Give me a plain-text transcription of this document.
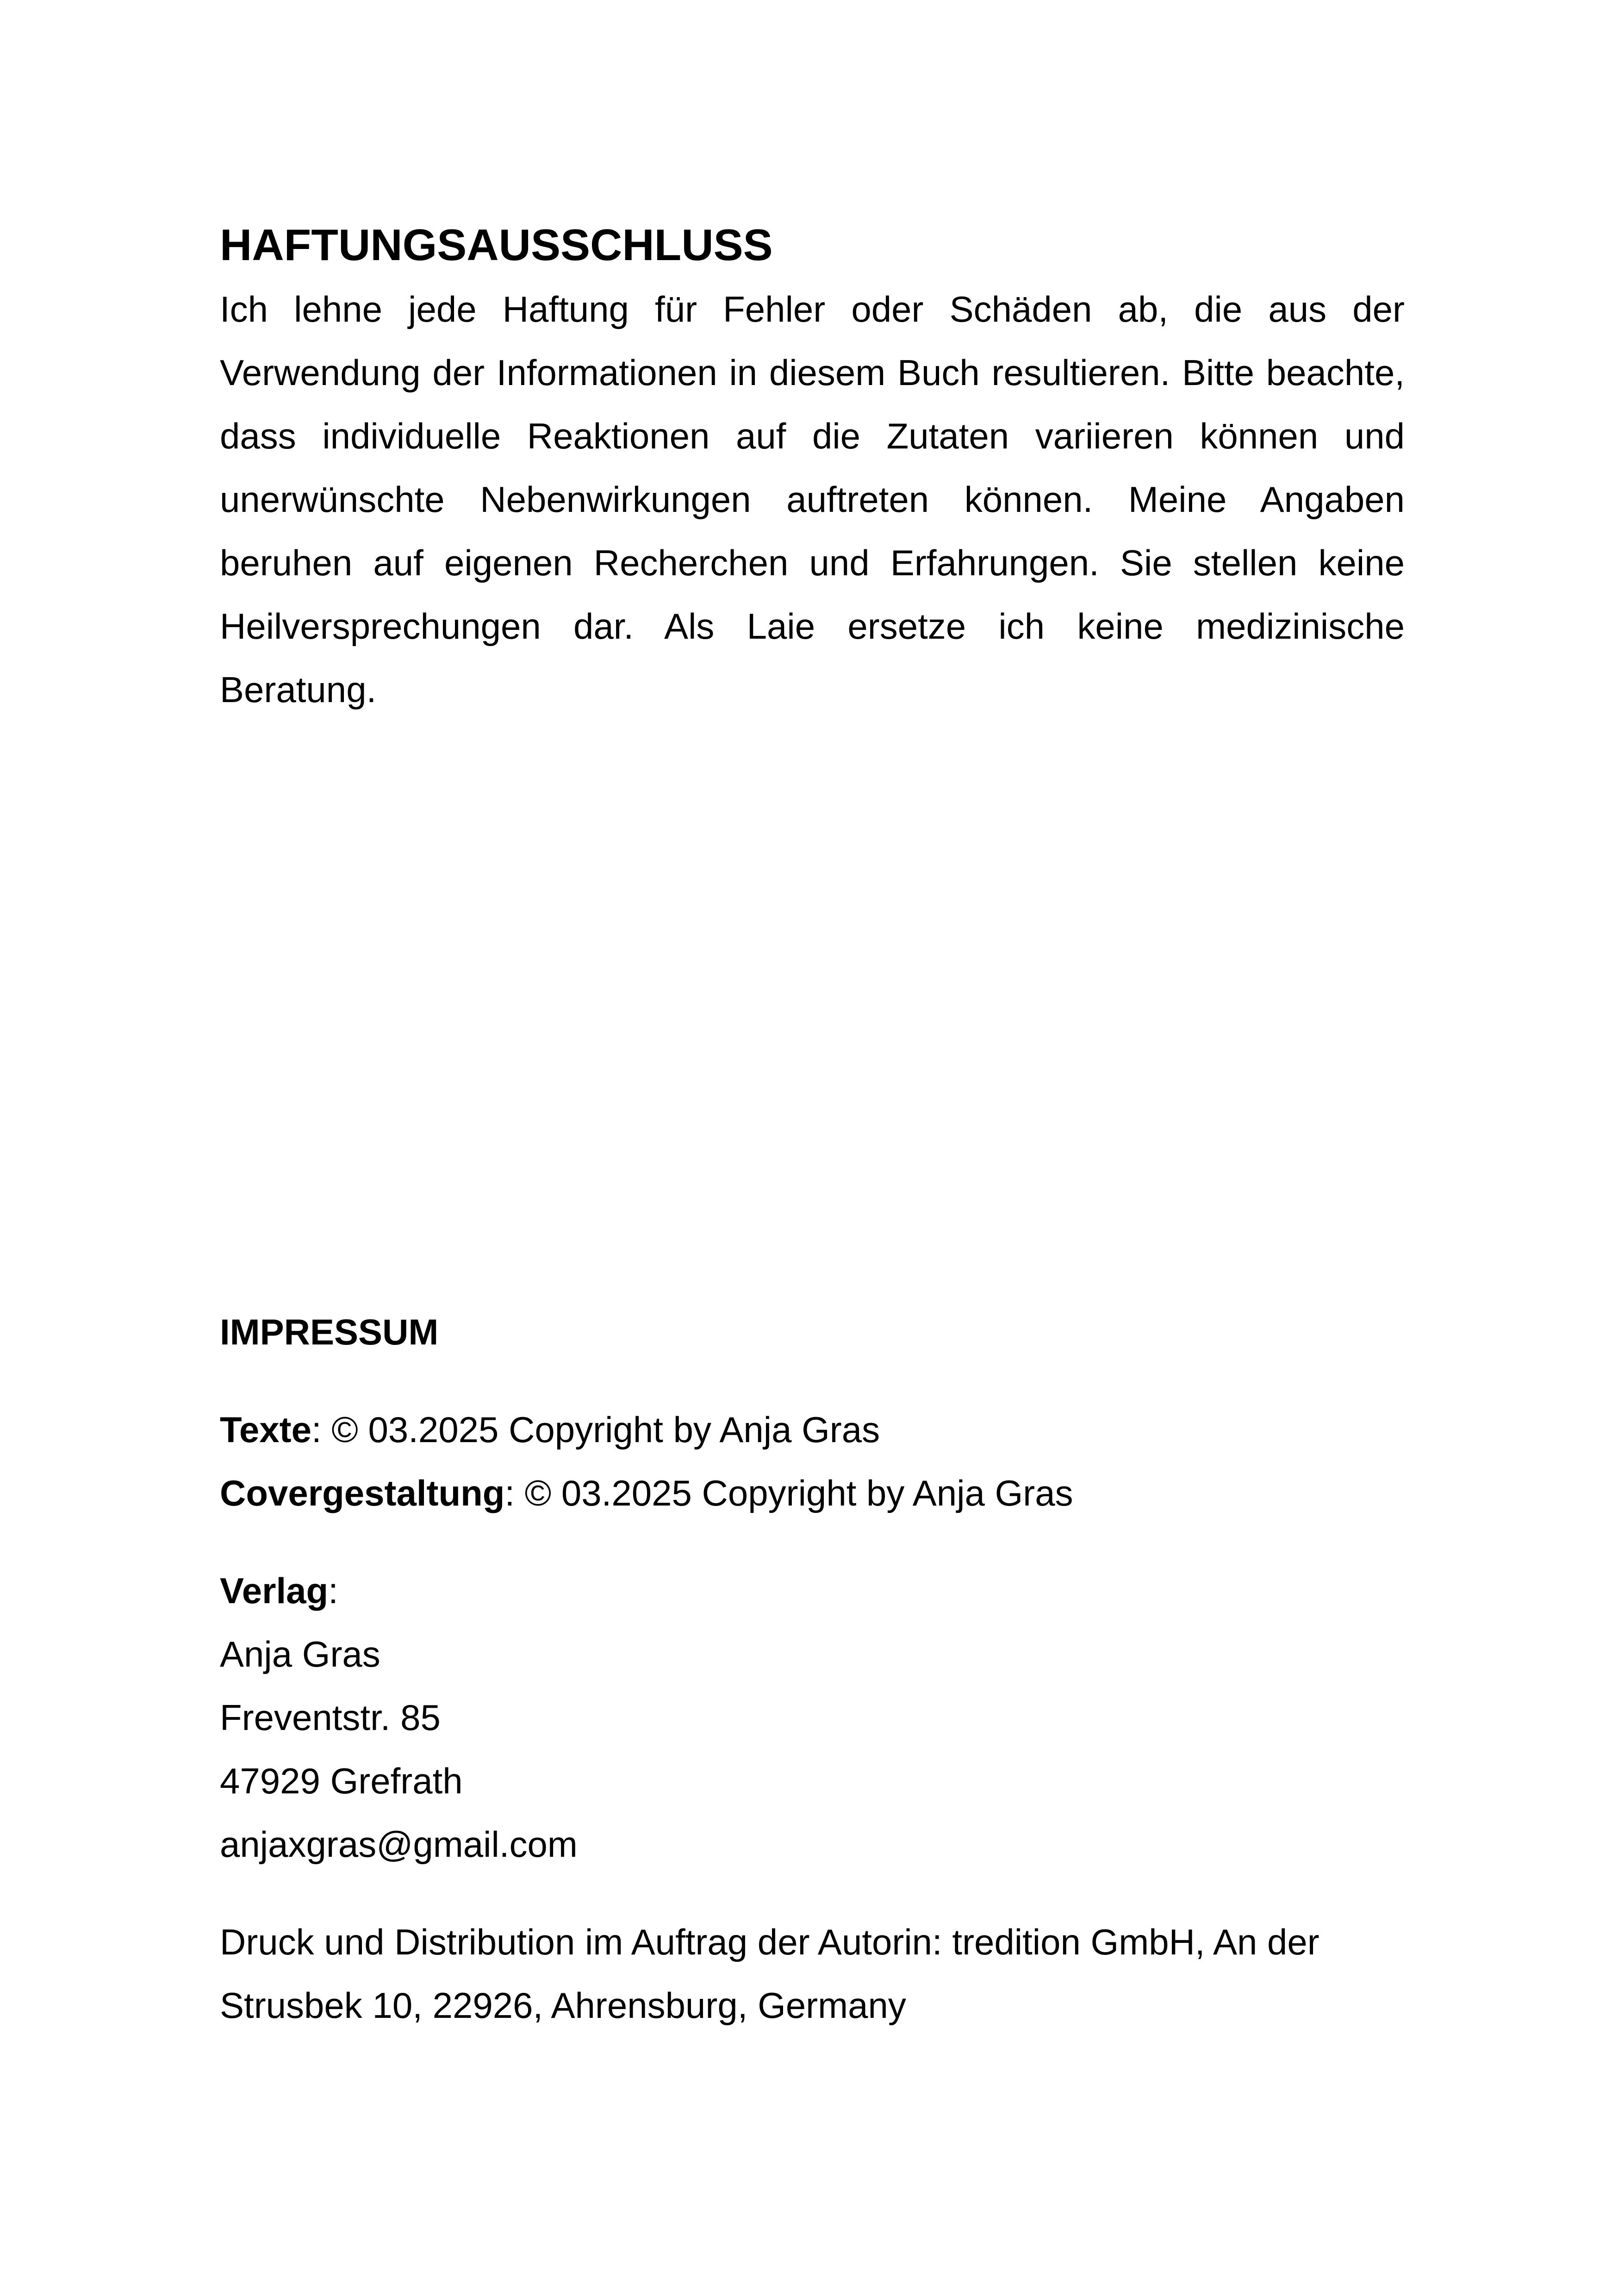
HAFTUNGSAUSSCHLUSS

Ich lehne jede Haftung für Fehler oder Schäden ab, die aus der Verwendung der Informationen in diesem Buch resultieren. Bitte beachte, dass individuelle Reaktionen auf die Zutaten variieren können und unerwünschte Nebenwirkungen auftreten können. Meine Angaben beruhen auf eigenen Recherchen und Erfahrungen. Sie stellen keine Heilversprechungen dar. Als Laie ersetze ich keine medizinische Beratung.

IMPRESSUM

Texte: © 03.2025 Copyright by Anja Gras

Covergestaltung: © 03.2025 Copyright by Anja Gras

Verlag:

Anja Gras

Freventstr. 85

47929 Grefrath

anjaxgras@gmail.com

Druck und Distribution im Auftrag der Autorin: tredition GmbH, An der Strusbek 10, 22926, Ahrensburg, Germany
